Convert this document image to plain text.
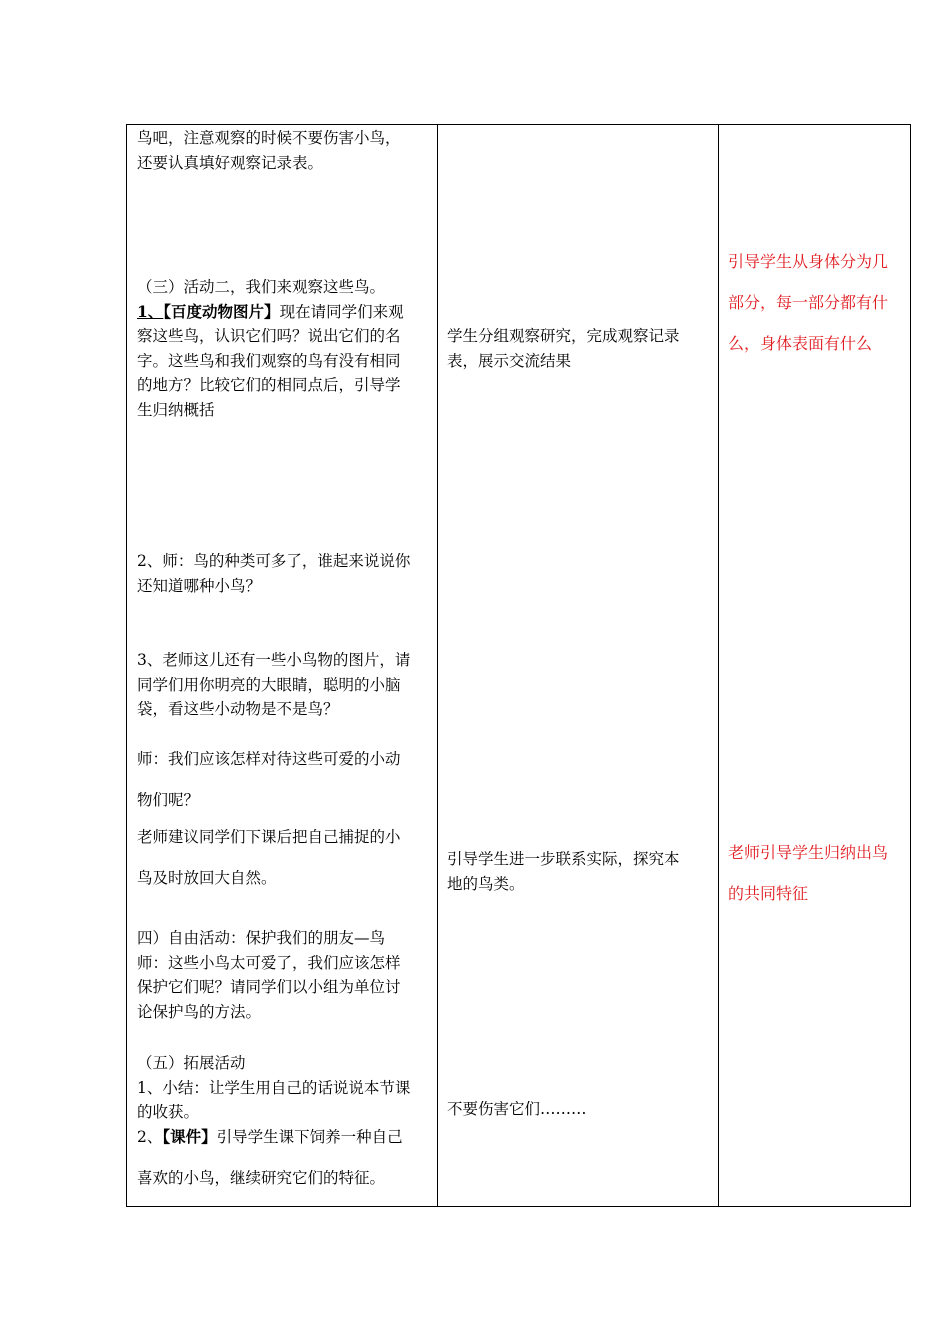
鸟吧，注意观察的时候不要伤害小鸟，
还要认真填好观察记录表。
（三）活动二，我们来观察这些鸟。
1、【百度动物图片】现在请同学们来观
察这些鸟，认识它们吗？说出它们的名
字。这些鸟和我们观察的鸟有没有相同
的地方？比较它们的相同点后，引导学
生归纳概括
2、师：鸟的种类可多了，谁起来说说你
还知道哪种小鸟？
3、老师这儿还有一些小鸟物的图片，请
同学们用你明亮的大眼睛，聪明的小脑
袋，看这些小动物是不是鸟？
师：我们应该怎样对待这些可爱的小动
物们呢？
老师建议同学们下课后把自己捕捉的小
鸟及时放回大自然。
四）自由活动：保护我们的朋友—鸟
师：这些小鸟太可爱了，我们应该怎样
保护它们呢？请同学们以小组为单位讨
论保护鸟的方法。
（五）拓展活动
1、小结：让学生用自己的话说说本节课
的收获。
2、【课件】引导学生课下饲养一种自己
喜欢的小鸟，继续研究它们的特征。
学生分组观察研究，完成观察记录
表，展示交流结果
引导学生进一步联系实际，探究本
地的鸟类。
不要伤害它们………
引导学生从身体分为几
部分，每一部分都有什
么，身体表面有什么
老师引导学生归纳出鸟
的共同特征
